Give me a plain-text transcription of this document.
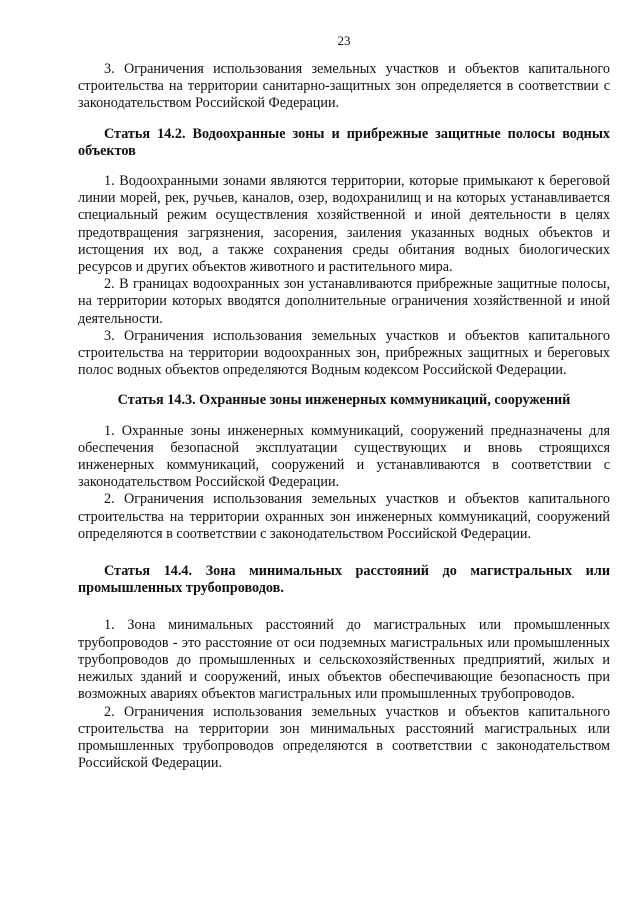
23

3. Ограничения использования земельных участков и объектов капитального строительства на территории санитарно-защитных зон определяется в соответствии с законодательством Российской Федерации.

Статья 14.2. Водоохранные зоны и прибрежные защитные полосы водных объектов

1. Водоохранными зонами являются территории, которые примыкают к береговой линии морей, рек, ручьев, каналов, озер, водохранилищ и на которых устанавливается специальный режим осуществления хозяйственной и иной деятельности в целях предотвращения загрязнения, засорения, заиления указанных водных объектов и истощения их вод, а также сохранения среды обитания водных биологических ресурсов и других объектов животного и растительного мира.

2. В границах водоохранных зон устанавливаются прибрежные защитные полосы, на территории которых вводятся дополнительные ограничения хозяйственной и иной деятельности.

3. Ограничения использования земельных участков и объектов капитального строительства на территории водоохранных зон, прибрежных защитных и береговых полос водных объектов определяются Водным кодексом Российской Федерации.

Статья 14.3. Охранные зоны инженерных коммуникаций, сооружений

1. Охранные зоны инженерных коммуникаций, сооружений предназначены для обеспечения безопасной эксплуатации существующих и вновь строящихся инженерных коммуникаций, сооружений и устанавливаются в соответствии с законодательством Российской Федерации.

2. Ограничения использования земельных участков и объектов капитального строительства на территории охранных зон инженерных коммуникаций, сооружений определяются в соответствии с законодательством Российской Федерации.

Статья 14.4. Зона минимальных расстояний до магистральных или промышленных трубопроводов.

1. Зона минимальных расстояний до магистральных или промышленных трубопроводов - это расстояние от оси подземных магистральных или промышленных трубопроводов до промышленных и сельскохозяйственных предприятий, жилых и нежилых зданий и сооружений, иных объектов обеспечивающие безопасность при возможных авариях объектов магистральных или промышленных трубопроводов.

2. Ограничения использования земельных участков и объектов капитального строительства на территории зон минимальных расстояний магистральных или промышленных трубопроводов определяются в соответствии с законодательством Российской Федерации.
